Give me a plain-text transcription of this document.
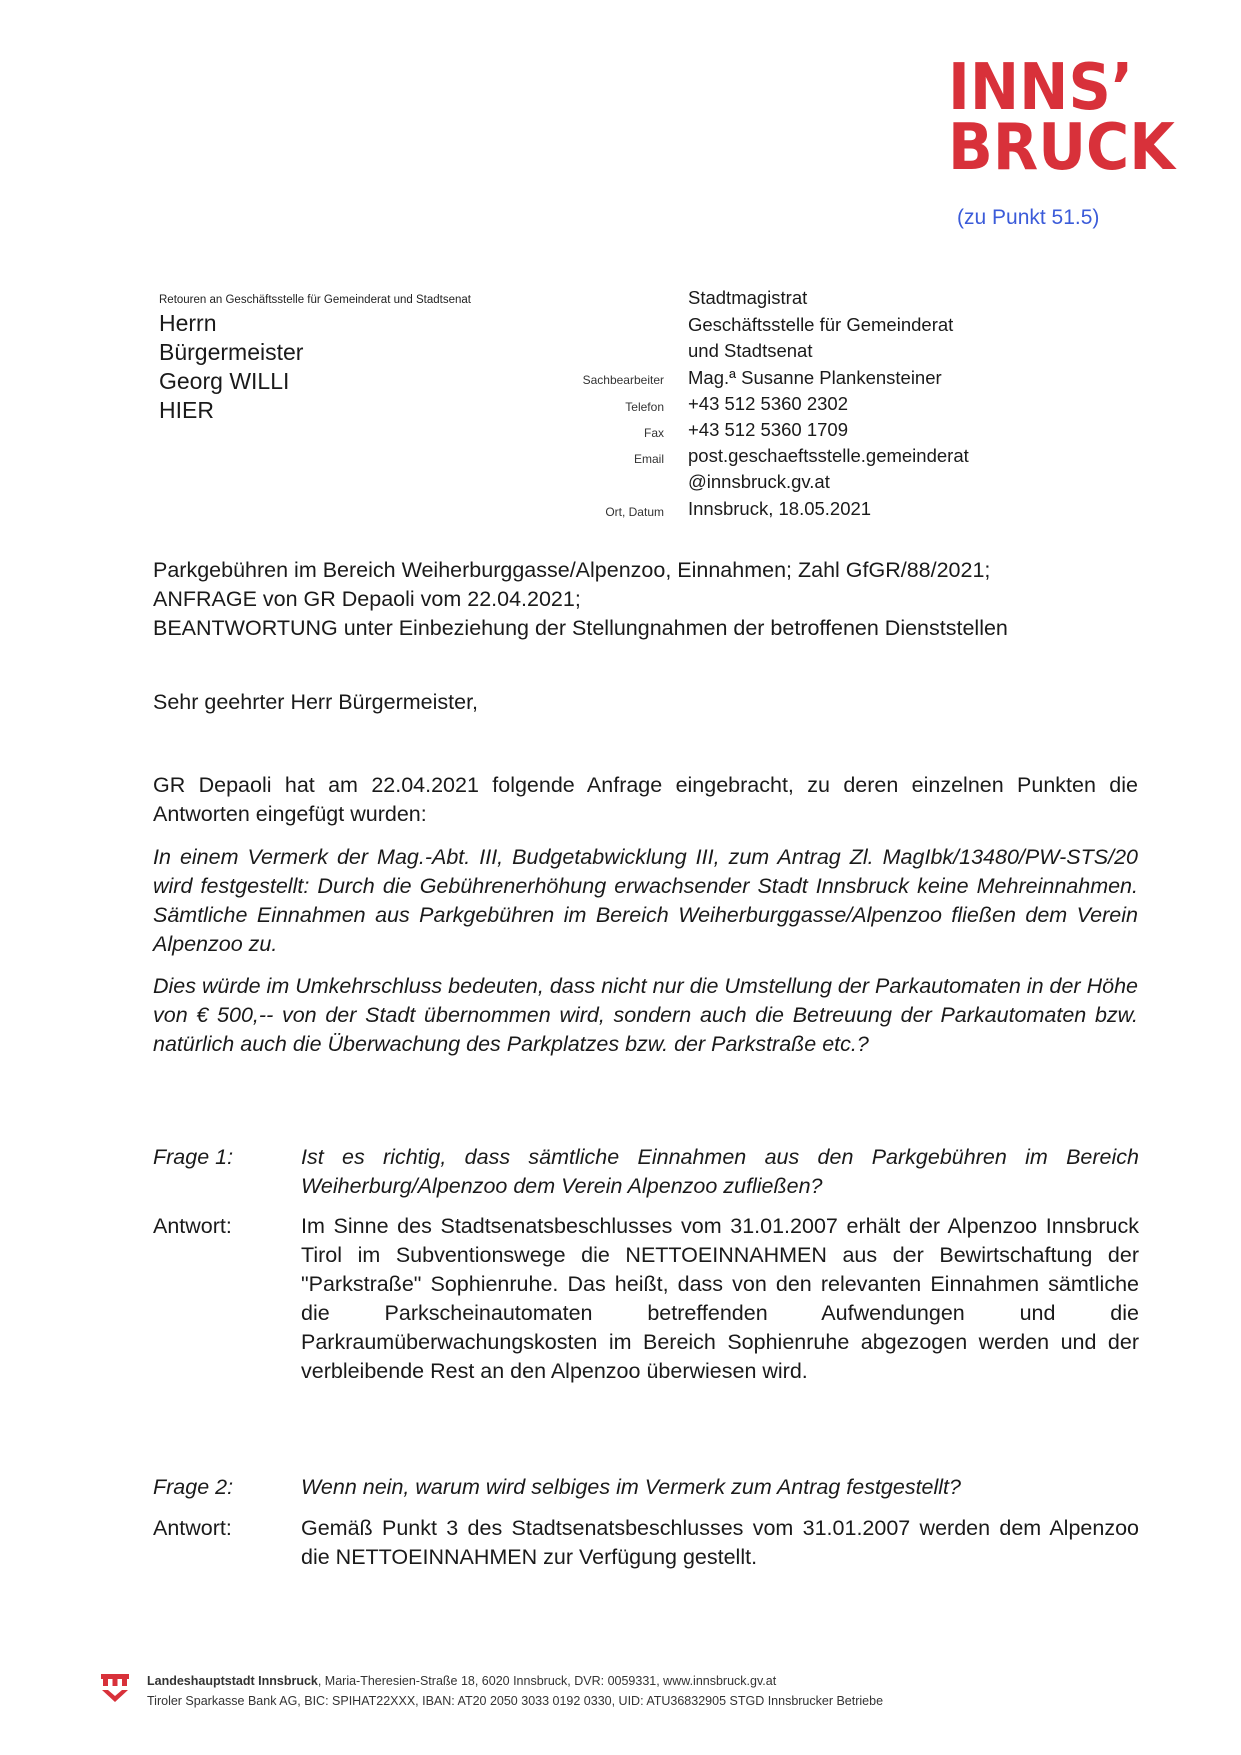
INNS’
BRUCK
(zu Punkt 51.5)
Retouren an Geschäftsstelle für Gemeinderat und Stadtsenat
Herrn
Bürgermeister
Georg WILLI
HIER
Stadtmagistrat
Geschäftsstelle für Gemeinderat
und Stadtsenat
Sachbearbeiter Mag.ª Susanne Plankensteiner
Telefon +43 512 5360 2302
Fax +43 512 5360 1709
Email post.geschaeftsstelle.gemeinderat
@innsbruck.gv.at
Ort, Datum Innsbruck, 18.05.2021
Parkgebühren im Bereich Weiherburggasse/Alpenzoo, Einnahmen; Zahl GfGR/88/2021;
ANFRAGE von GR Depaoli vom 22.04.2021;
BEANTWORTUNG unter Einbeziehung der Stellungnahmen der betroffenen Dienststellen
Sehr geehrter Herr Bürgermeister,
GR Depaoli hat am 22.04.2021 folgende Anfrage eingebracht, zu deren einzelnen Punkten die Antworten eingefügt wurden:
In einem Vermerk der Mag.-Abt. III, Budgetabwicklung III, zum Antrag Zl. MagIbk/13480/PW-STS/20 wird festgestellt: Durch die Gebührenerhöhung erwachsender Stadt Innsbruck keine Mehreinnahmen. Sämtliche Einnahmen aus Parkgebühren im Bereich Weiherburggasse/Alpenzoo fließen dem Verein Alpenzoo zu.
Dies würde im Umkehrschluss bedeuten, dass nicht nur die Umstellung der Parkautomaten in der Höhe von € 500,-- von der Stadt übernommen wird, sondern auch die Betreuung der Parkautomaten bzw. natürlich auch die Überwachung des Parkplatzes bzw. der Parkstraße etc.?
Frage 1:	Ist es richtig, dass sämtliche Einnahmen aus den Parkgebühren im Bereich Weiherburg/Alpenzoo dem Verein Alpenzoo zufließen?
Antwort:	Im Sinne des Stadtsenatsbeschlusses vom 31.01.2007 erhält der Alpenzoo Innsbruck Tirol im Subventionswege die NETTOEINNAHMEN aus der Bewirtschaftung der "Parkstraße" Sophienruhe. Das heißt, dass von den relevanten Einnahmen sämtliche die Parkscheinautomaten betreffenden Aufwendungen und die Parkraumüberwachungskosten im Bereich Sophienruhe abgezogen werden und der verbleibende Rest an den Alpenzoo überwiesen wird.
Frage 2:	Wenn nein, warum wird selbiges im Vermerk zum Antrag festgestellt?
Antwort:	Gemäß Punkt 3 des Stadtsenatsbeschlusses vom 31.01.2007 werden dem Alpenzoo die NETTOEINNAHMEN zur Verfügung gestellt.
Landeshauptstadt Innsbruck, Maria-Theresien-Straße 18, 6020 Innsbruck, DVR: 0059331, www.innsbruck.gv.at
Tiroler Sparkasse Bank AG, BIC: SPIHAT22XXX, IBAN: AT20 2050 3033 0192 0330, UID: ATU36832905 STGD Innsbrucker Betriebe
